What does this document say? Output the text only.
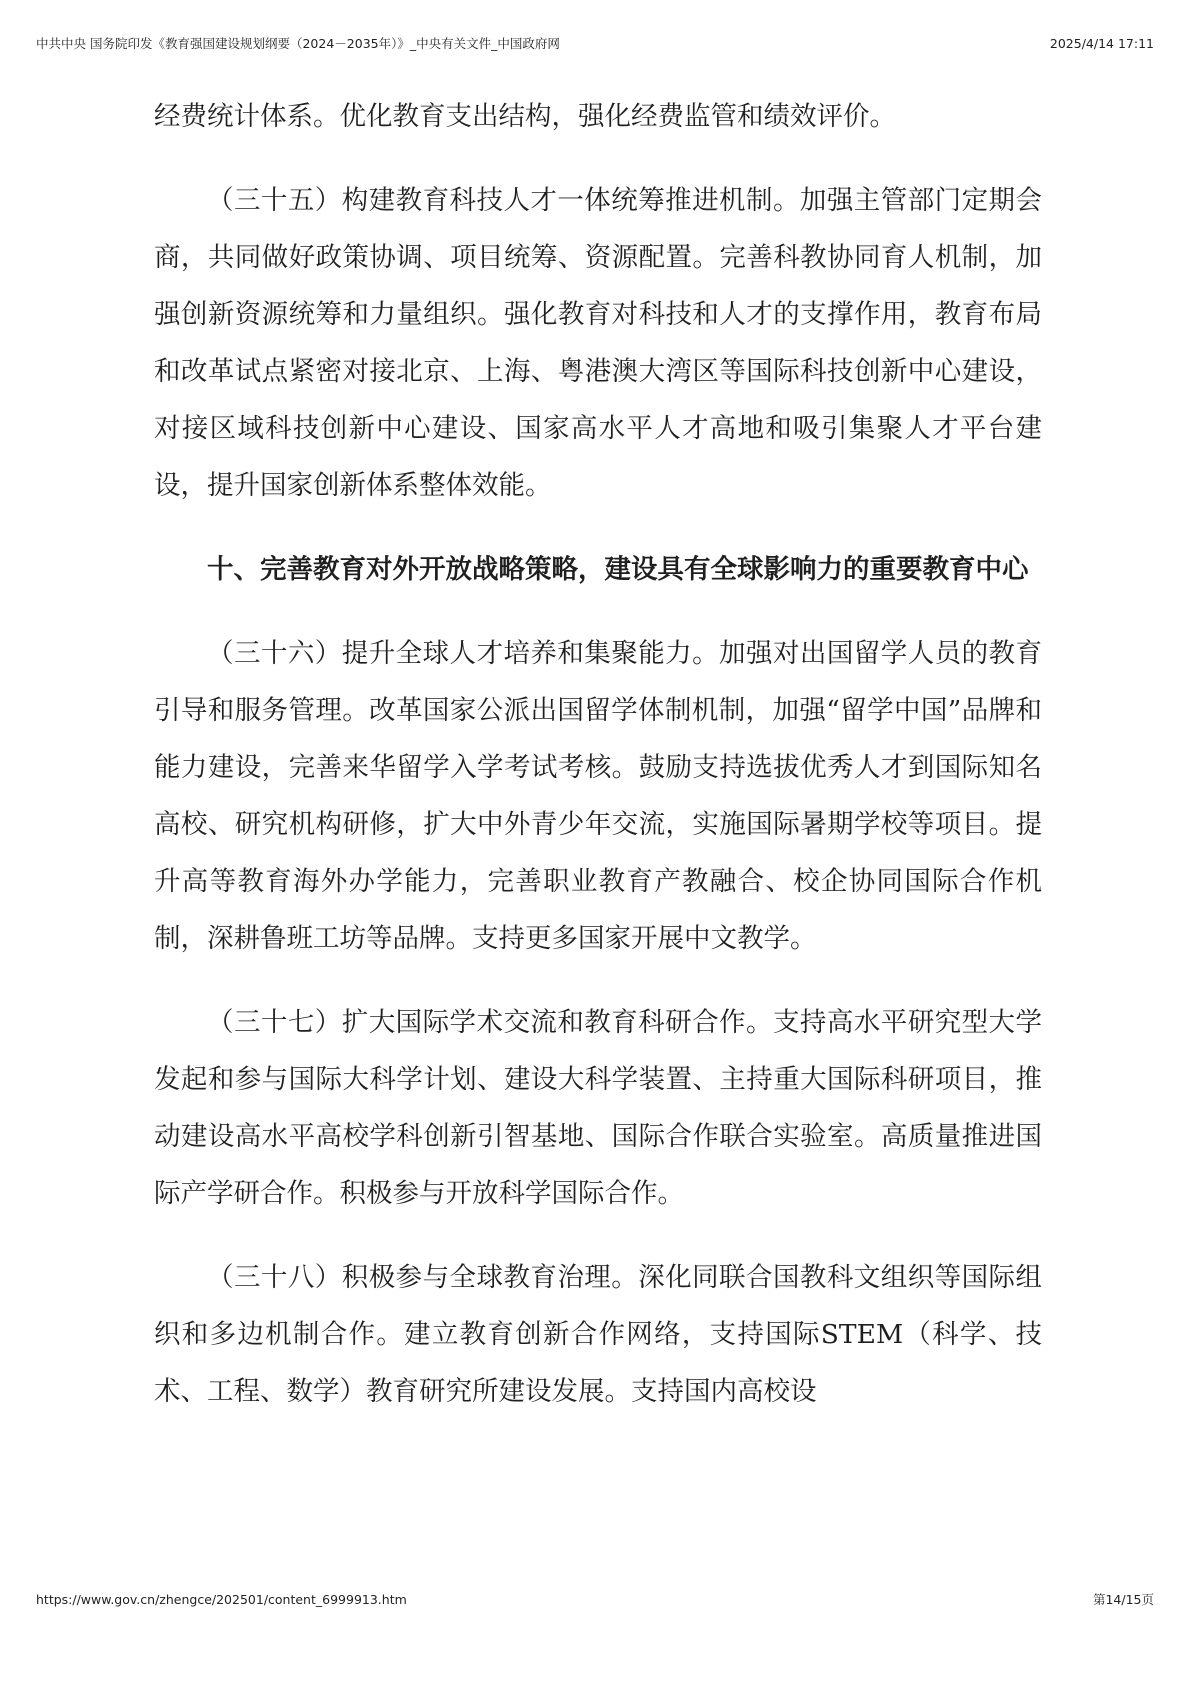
中共中央 国务院印发《教育强国建设规划纲要（2024－2035年）》_中央有关文件_中国政府网	2025/4/14 17:11

经费统计体系。优化教育支出结构，强化经费监管和绩效评价。

（三十五）构建教育科技人才一体统筹推进机制。加强主管部门定期会商，共同做好政策协调、项目统筹、资源配置。完善科教协同育人机制，加强创新资源统筹和力量组织。强化教育对科技和人才的支撑作用，教育布局和改革试点紧密对接北京、上海、粤港澳大湾区等国际科技创新中心建设，对接区域科技创新中心建设、国家高水平人才高地和吸引集聚人才平台建设，提升国家创新体系整体效能。

十、完善教育对外开放战略策略，建设具有全球影响力的重要教育中心

（三十六）提升全球人才培养和集聚能力。加强对出国留学人员的教育引导和服务管理。改革国家公派出国留学体制机制，加强“留学中国”品牌和能力建设，完善来华留学入学考试考核。鼓励支持选拔优秀人才到国际知名高校、研究机构研修，扩大中外青少年交流，实施国际暑期学校等项目。提升高等教育海外办学能力，完善职业教育产教融合、校企协同国际合作机制，深耕鲁班工坊等品牌。支持更多国家开展中文教学。

（三十七）扩大国际学术交流和教育科研合作。支持高水平研究型大学发起和参与国际大科学计划、建设大科学装置、主持重大国际科研项目，推动建设高水平高校学科创新引智基地、国际合作联合实验室。高质量推进国际产学研合作。积极参与开放科学国际合作。

（三十八）积极参与全球教育治理。深化同联合国教科文组织等国际组织和多边机制合作。建立教育创新合作网络，支持国际STEM（科学、技术、工程、数学）教育研究所建设发展。支持国内高校设

https://www.gov.cn/zhengce/202501/content_6999913.htm	第14/15页
